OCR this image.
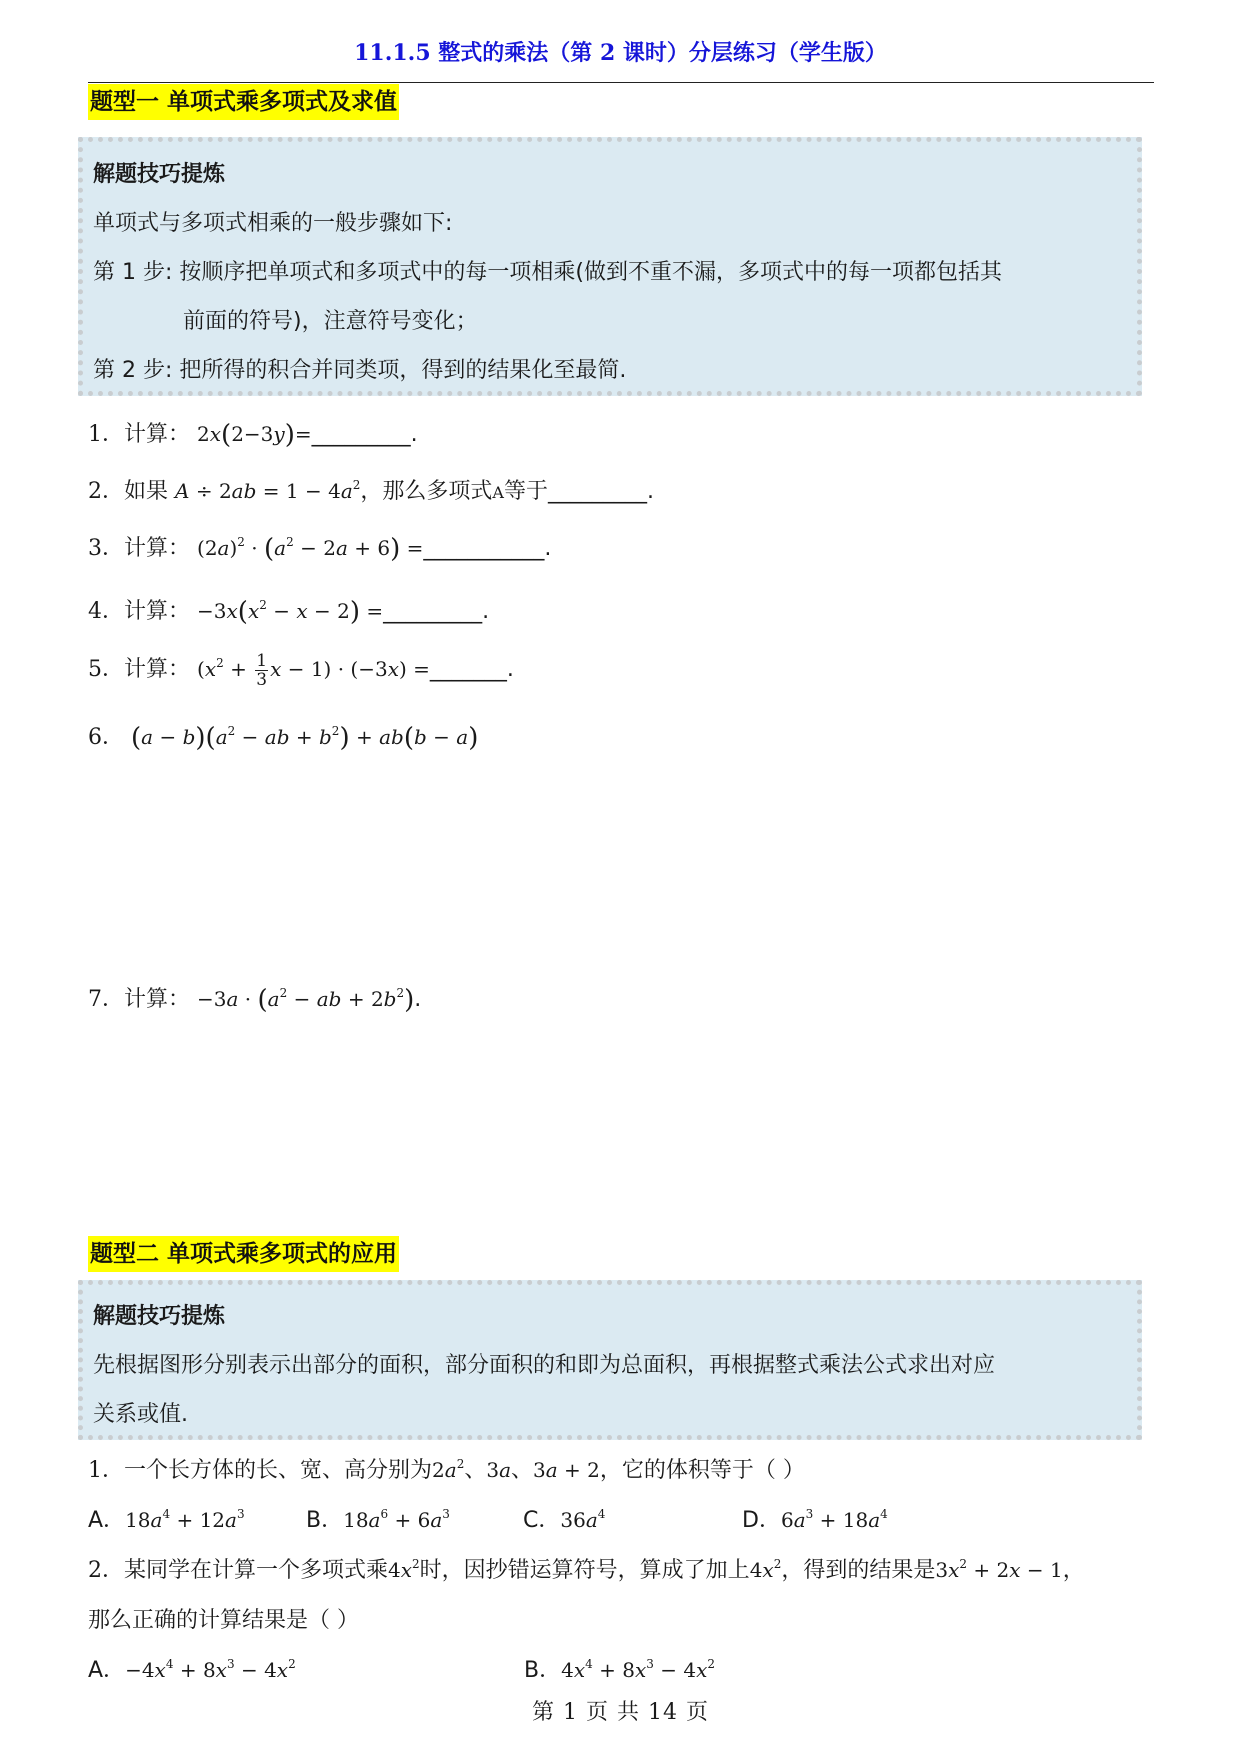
11.1.5 整式的乘法（第 2 课时）分层练习（学生版）
题型一 单项式乘多项式及求值
解题技巧提炼
单项式与多项式相乘的一般步骤如下:
第 1 步: 按顺序把单项式和多项式中的每一项相乘(做到不重不漏，多项式中的每一项都包括其
前面的符号)，注意符号变化；
第 2 步: 把所得的积合并同类项，得到的结果化至最简.
1．计算： 2x(2−3y)=_________.
2．如果 $A \div 2ab = 1 - 4a^2$，那么多项式A等于_________.
3．计算： $(2a)^2 \cdot (a^2 - 2a + 6)$ =___________.
4．计算： $-3x(x^2 - x - 2)$ =_________.
5．计算： ($x^2 + \frac{1}{3}$ x − 1) · (−3x) =_______.
6． $(a - b)(a^2$ − ab + $b^2) + ab(b - a)$
7．计算： $-3a \cdot (a^2$ − ab + $2b^2$).
题型二 单项式乘多项式的应用
解题技巧提炼
先根据图形分别表示出部分的面积，部分面积的和即为总面积，再根据整式乘法公式求出对应
关系或值.
1．一个长方体的长、宽、高分别为$2a^2$、3a、3a + 2，它的体积等于（ ）
A．$18a^4 + 12a^3$	B．$18a^6 + 6a^3$	C．$36a^4$	D．$6a^3 + 18a^4$
2．某同学在计算一个多项式乘$4x^2$时，因抄错运算符号，算成了加上$4x^2$，得到的结果是$3x^2 + 2x - 1$，
那么正确的计算结果是（ ）
A．$-4x^4 + 8x^3 - 4x^2$	B．$4x^4 + 8x^3 - 4x^2$
第 1 页 共 14 页
